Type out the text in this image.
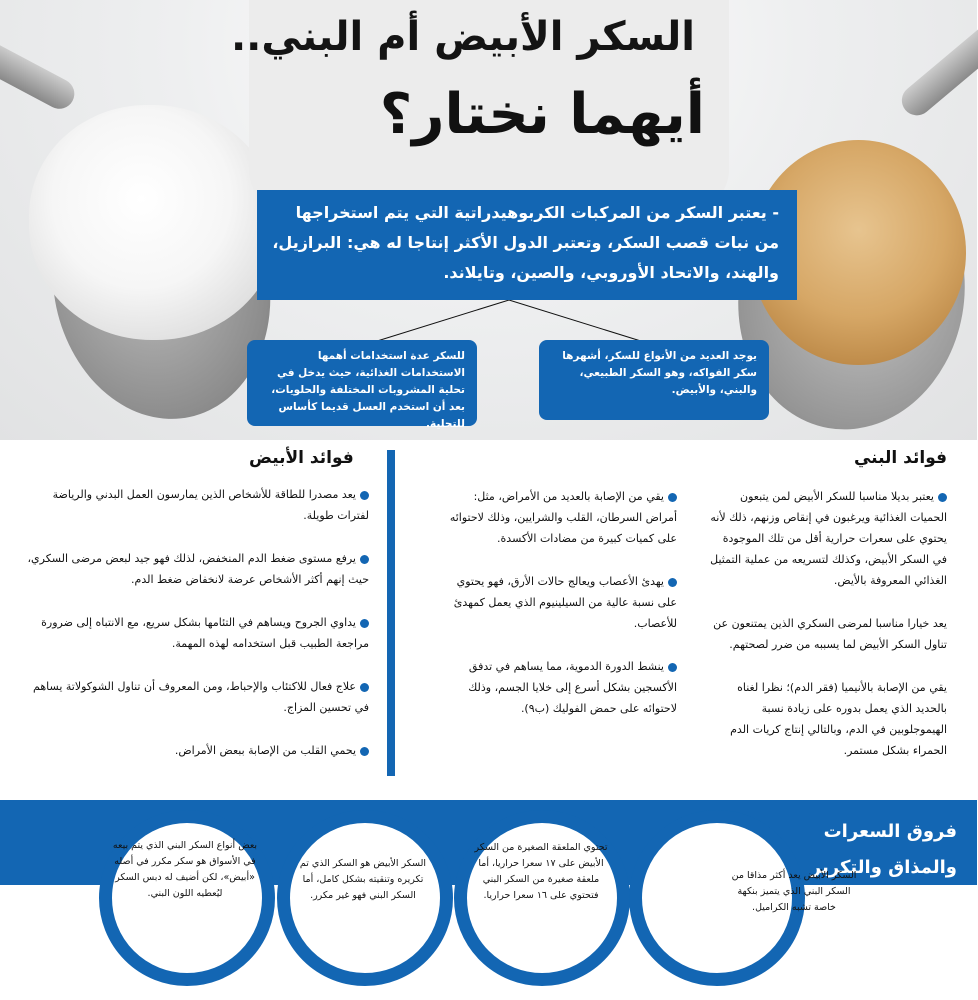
السكر الأبيض أم البني..
أيهما نختار؟
- يعتبر السكر من المركبات الكربوهيدراتية التي يتم استخراجها من نبات قصب السكر، وتعتبر الدول الأكثر إنتاجا له هي: البرازيل، والهند، والاتحاد الأوروبي، والصين، وتايلاند.
للسكر عدة استخدامات أهمها الاستخدامات الغذائية، حيث يدخل في تحلية المشروبات المختلفة والحلويات، بعد أن استخدم العسل قديما كأساس للتحلية.
يوجد العديد من الأنواع للسكر، أشهرها سكر الفواكه، وهو السكر الطبيعي، والبني، والأبيض.
فوائد البني
فوائد الأبيض

يعتبر بديلا مناسبا للسكر الأبيض لمن يتبعون الحميات الغذائية ويرغبون في إنقاص وزنهم، ذلك لأنه يحتوي على سعرات حرارية أقل من تلك الموجودة في السكر الأبيض، وكذلك لتسريعه من عملية التمثيل الغذائي المعروفة بالأيض.

يعد خيارا مناسبا لمرضى السكري الذين يمتنعون عن تناول السكر الأبيض لما يسببه من ضرر لصحتهم.

يقي من الإصابة بالأنيميا (فقر الدم)؛ نظرا لغناه بالحديد الذي يعمل بدوره على زيادة نسبة الهيموجلوبين في الدم، وبالتالي إنتاج كريات الدم الحمراء بشكل مستمر.

يقي من الإصابة بالعديد من الأمراض، مثل: أمراض السرطان، القلب والشرايين، وذلك لاحتوائه على كميات كبيرة من مضادات الأكسدة.

يهدئ الأعصاب ويعالج حالات الأرق، فهو يحتوي على نسبة عالية من السيلينيوم الذي يعمل كمهدئ للأعصاب.

ينشط الدورة الدموية، مما يساهم في تدفق الأكسجين بشكل أسرع إلى خلايا الجسم، وذلك لاحتوائه على حمض الفوليك (ب٩).

يعد مصدرا للطاقة للأشخاص الذين يمارسون العمل البدني والرياضة لفترات طويلة.

يرفع مستوى ضغط الدم المنخفض، لذلك فهو جيد لبعض مرضى السكري، حيث إنهم أكثر الأشخاص عرضة لانخفاض ضغط الدم.

يداوي الجروح ويساهم في التئامها بشكل سريع، مع الانتباه إلى ضرورة مراجعة الطبيب قبل استخدامه لهذه المهمة.

علاج فعال للاكتئاب والإحباط، ومن المعروف أن تناول الشوكولاتة يساهم في تحسين المزاج.

يحمي القلب من الإصابة ببعض الأمراض.

فروق السعرات
والمذاق والتكرير
السكر الأبيض يعد أكثر مذاقا من السكر البني الذي يتميز بنكهة خاصة تشبه الكراميل.
تحتوي الملعقة الصغيرة من السكر الأبيض على ١٧ سعرا حراريا، أما ملعقة صغيرة من السكر البني فتحتوي على ١٦ سعرا حراريا.
السكر الأبيض هو السكر الذي تم تكريره وتنقيته بشكل كامل، أما السكر البني فهو غير مكرر.
بعض أنواع السكر البني الذي يتم بيعه في الأسواق هو سكر مكرر في أصله «أبيض»، لكن أضيف له دبس السكر ليُعطيه اللون البني.
